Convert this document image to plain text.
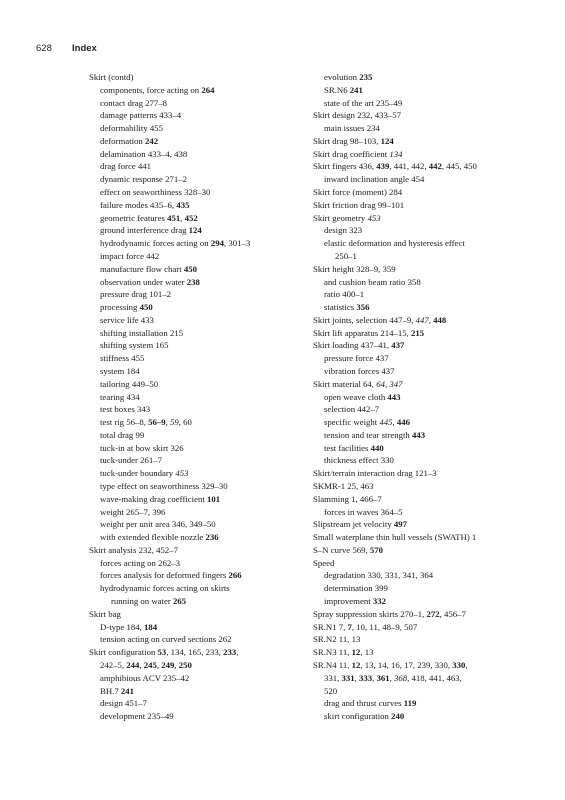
628 Index
Skirt (contd)
components, force acting on 264
contact drag 277–8
damage patterns 433–4
deformability 455
deformation 242
delamination 433–4, 438
drag force 441
dynamic response 271–2
effect on seaworthiness 328–30
failure modes 435–6, 435
geometric features 451, 452
ground interference drag 124
hydrodynamic forces acting on 294, 301–3
impact force 442
manufacture flow chart 450
observation under water 238
pressure drag 101–2
processing 450
service life 433
shifting installation 215
shifting system 165
stiffness 455
system 184
tailoring 449–50
tearing 434
test boxes 343
test rig 56–8, 56–9, 59, 60
total drag 99
tuck-in at bow skirt 326
tuck-under 261–7
tuck-under boundary 453
type effect on seaworthiness 329–30
wave-making drag coefficient 101
weight 265–7, 396
weight per unit area 346, 349–50
with extended flexible nozzle 236
Skirt analysis 232, 452–7
forces acting on 262–3
forces analysis for deformed fingers 266
hydrodynamic forces acting on skirts
running on water 265
Skirt bag
D-type 184, 184
tension acting on curved sections 262
Skirt configuration 53, 134, 165, 233, 233,
242–5, 244, 245, 249, 250
amphibious ACV 235–42
BH.7 241
design 451–7
development 235–49
evolution 235
SR.N6 241
state of the art 235–49
Skirt design 232, 433–57
main issues 234
Skirt drag 98–103, 124
Skirt drag coefficient 134
Skirt fingers 436, 439, 441, 442, 442, 445, 450
inward inclination angle 454
Skirt force (moment) 284
Skirt friction drag 99–101
Skirt geometry 453
design 323
elastic deformation and hysteresis effect
250–1
Skirt height 328–9, 359
and cushion beam ratio 358
ratio 400–1
statistics 356
Skirt joints, selection 447–9, 447, 448
Skirt lift apparatus 214–15, 215
Skirt loading 437–41, 437
pressure force 437
vibration forces 437
Skirt material 64, 64, 347
open weave cloth 443
selection 442–7
specific weight 445, 446
tension and tear strength 443
test facilities 440
thickness effect 330
Skirt/terrain interaction drag 121–3
SKMR-1 25, 463
Slamming 1, 466–7
forces in waves 364–5
Slipstream jet velocity 497
Small waterplane thin hull vessels (SWATH) 1
S–N curve 569, 570
Speed
degradation 330, 331, 341, 364
determination 399
improvement 332
Spray suppression skirts 270–1, 272, 456–7
SR.N1 7, 7, 10, 11, 48–9, 507
SR.N2 11, 13
SR.N3 11, 12, 13
SR.N4 11, 12, 13, 14, 16, 17, 239, 330, 330,
331, 331, 333, 361, 368, 418, 441, 463,
520
drag and thrust curves 119
skirt configuration 240
